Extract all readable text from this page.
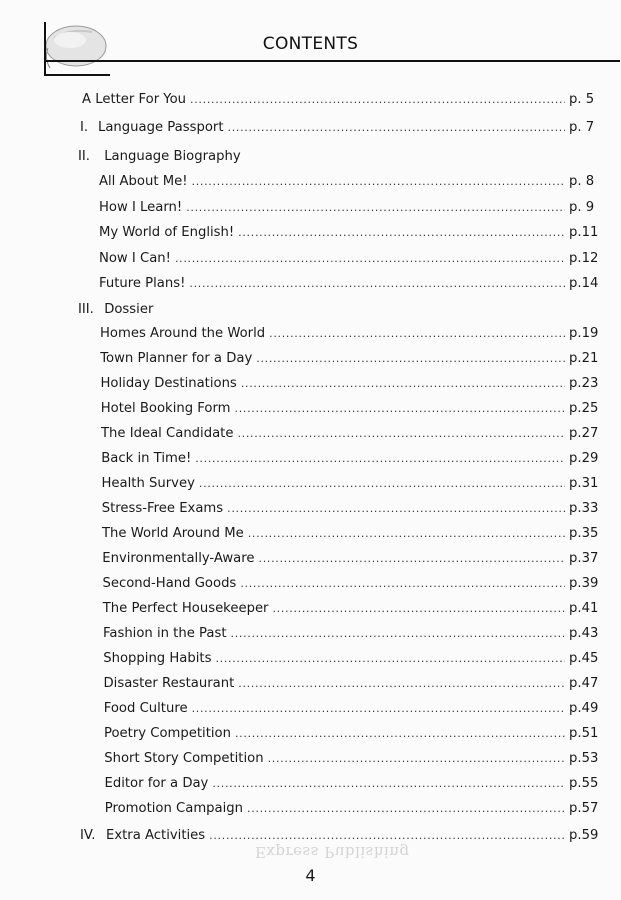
CONTENTS
A Letter For You . . .	p. 5
I. Language Passport . . .	p. 7
II. Language Biography
All About Me! . . .	p. 8
How I Learn! . . .	p. 9
My World of English! . . .	p.11
Now I Can! . . .	p.12
Future Plans! . . .	p.14
III. Dossier
Homes Around the World . . .	p.19
Town Planner for a Day . . .	p.21
Holiday Destinations . . .	p.23
Hotel Booking Form . . .	p.25
The Ideal Candidate . . .	p.27
Back in Time! . . .	p.29
Health Survey . . .	p.31
Stress-Free Exams . . .	p.33
The World Around Me . . .	p.35
Environmentally-Aware . . .	p.37
Second-Hand Goods . . .	p.39
The Perfect Housekeeper . . .	p.41
Fashion in the Past . . .	p.43
Shopping Habits . . .	p.45
Disaster Restaurant . . .	p.47
Food Culture . . .	p.49
Poetry Competition . . .	p.51
Short Story Competition . . .	p.53
Editor for a Day . . .	p.55
Promotion Campaign . . .	p.57
IV. Extra Activities . . .	p.59
Express Publishing
4
